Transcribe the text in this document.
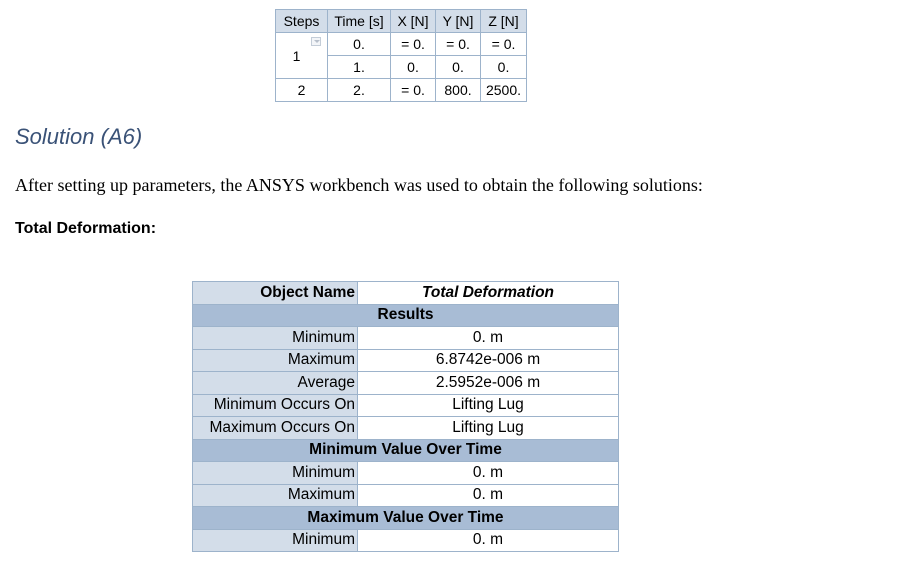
Steps	Time [s]	X [N]	Y [N]	Z [N]
1	0.	= 0.	= 0.	= 0.
	1.	0.	0.	0.
2	2.	= 0.	800.	2500.
Solution (A6)

After setting up parameters, the ANSYS workbench was used to obtain the following solutions:

Total Deformation:

Object Name	Total Deformation
Results	
Minimum	0. m
Maximum	6.8742e-006 m
Average	2.5952e-006 m
Minimum Occurs On	Lifting Lug
Maximum Occurs On	Lifting Lug
Minimum Value Over Time	
Minimum	0. m
Maximum	0. m
Maximum Value Over Time	
Minimum	0. m
